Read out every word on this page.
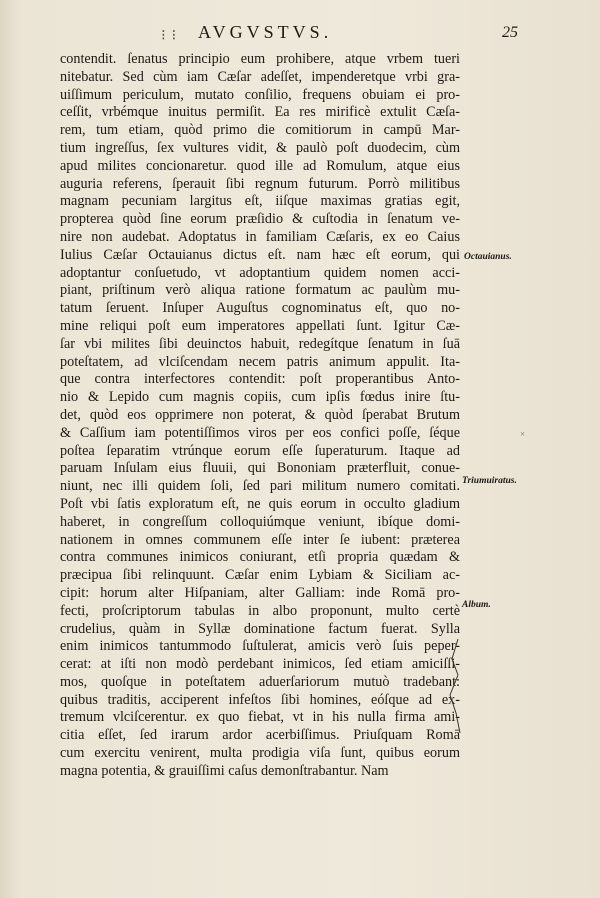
⁝ ⁝ AVGVSTVS.	25
contendit. ſenatus principio eum prohibere, atque vrbem tueri
nitebatur. Sed cùm iam Cæſar adeſſet, impenderetque vrbi gra-
uiſſimum periculum, mutato conſilio, frequens obuiam ei pro-
ceſſit, vrbémque inuitus permiſit. Ea res mirificè extulit Cæſa-
rem, tum etiam, quòd primo die comitiorum in campū Mar-
tium ingreſſus, ſex vultures vidit, & paulò poſt duodecim, cùm
apud milites concionaretur. quod ille ad Romulum, atque eius
auguria referens, ſperauit ſibi regnum futurum. Porrò militibus
magnam pecuniam largitus eſt, iiſque maximas gratias egit,
propterea quòd ſine eorum præſidio & cuſtodia in ſenatum ve-
nire non audebat. Adoptatus in familiam Cæſaris, ex eo Caius
Iulius Cæſar Octauianus dictus eſt. nam hæc eſt eorum, qui
adoptantur conſuetudo, vt adoptantium quidem nomen acci-
piant, priſtinum verò aliqua ratione formatum ac paulùm mu-
tatum ſeruent. Inſuper Auguſtus cognominatus eſt, quo no-
mine reliqui poſt eum imperatores appellati ſunt. Igitur Cæ-
ſar vbi milites ſibi deuinctos habuit, redegítque ſenatum in ſuā
poteſtatem, ad vlciſcendam necem patris animum appulit. Ita-
que contra interfectores contendit: poſt properantibus Anto-
nio & Lepido cum magnis copiis, cum ipſis fœdus inire ſtu-
det, quòd eos opprimere non poterat, & quòd ſperabat Brutum
& Caſſium iam potentiſſimos viros per eos confici poſſe, ſéque
poſtea ſeparatim vtrúnque eorum eſſe ſuperaturum. Itaque ad
paruam Inſulam eius fluuii, qui Bononiam præterfluit, conue-
niunt, nec illi quidem ſoli, ſed pari militum numero comitati.
Poſt vbi ſatis exploratum eſt, ne quis eorum in occulto gladium
haberet, in congreſſum colloquiúmque veniunt, ibíque domi-
nationem in omnes communem eſſe inter ſe iubent: præterea
contra communes inimicos coniurant, etſi propria quædam &
præcipua ſibi relinquunt. Cæſar enim Lybiam & Siciliam ac-
cipit: horum alter Hiſpaniam, alter Galliam: inde Romā pro-
fecti, proſcriptorum tabulas in albo proponunt, multo certè
crudelius, quàm in Syllæ dominatione factum fuerat. Sylla
enim inimicos tantummodo ſuſtulerat, amicis verò ſuis peper-
cerat: at iſti non modò perdebant inimicos, ſed etiam amiciſſi-
mos, quoſque in poteſtatem aduerſariorum mutuò tradebant:
quibus traditis, acciperent infeſtos ſibi homines, eóſque ad ex-
tremum vlciſcerentur. ex quo fiebat, vt in his nulla firma ami-
citia eſſet, ſed irarum ardor acerbiſſimus. Priuſquam Romā
cum exercitu venirent, multa prodigia viſa ſunt, quibus eorum
magna potentia, & grauiſſimi caſus demonſtrabantur. Nam
Octauianus.
Triumuiratus.
Album.
×
